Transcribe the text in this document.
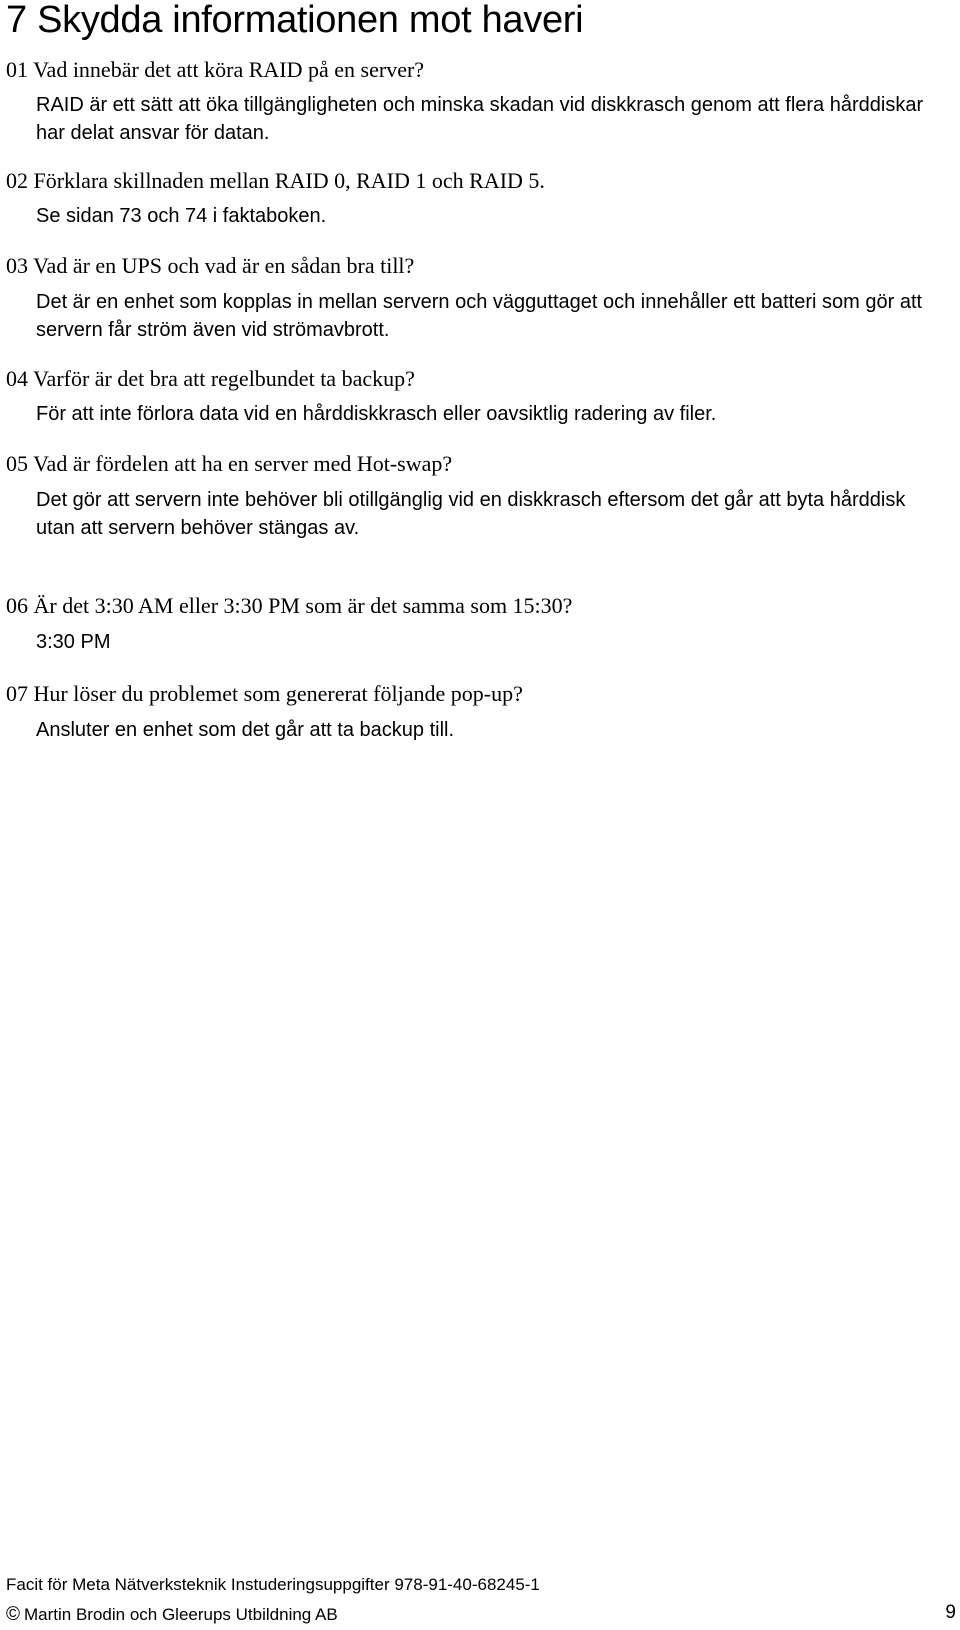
7 Skydda informationen mot haveri

01 Vad innebär det att köra RAID på en server?

RAID är ett sätt att öka tillgängligheten och minska skadan vid diskkrasch genom att flera hårddiskar har delat ansvar för datan.

02 Förklara skillnaden mellan RAID 0, RAID 1 och RAID 5.

Se sidan 73 och 74 i faktaboken.

03 Vad är en UPS och vad är en sådan bra till?

Det är en enhet som kopplas in mellan servern och vägguttaget och innehåller ett batteri som gör att servern får ström även vid strömavbrott.

04 Varför är det bra att regelbundet ta backup?

För att inte förlora data vid en hårddiskkrasch eller oavsiktlig radering av filer.

05 Vad är fördelen att ha en server med Hot-swap?

Det gör att servern inte behöver bli otillgänglig vid en diskkrasch eftersom det går att byta hårddisk utan att servern behöver stängas av.

06 Är det 3:30 AM eller 3:30 PM som är det samma som 15:30?

3:30 PM

07 Hur löser du problemet som genererat följande pop-up?

Ansluter en enhet som det går att ta backup till.

Facit för Meta Nätverksteknik Instuderingsuppgifter 978-91-40-68245-1
© Martin Brodin och Gleerups Utbildning AB	9
